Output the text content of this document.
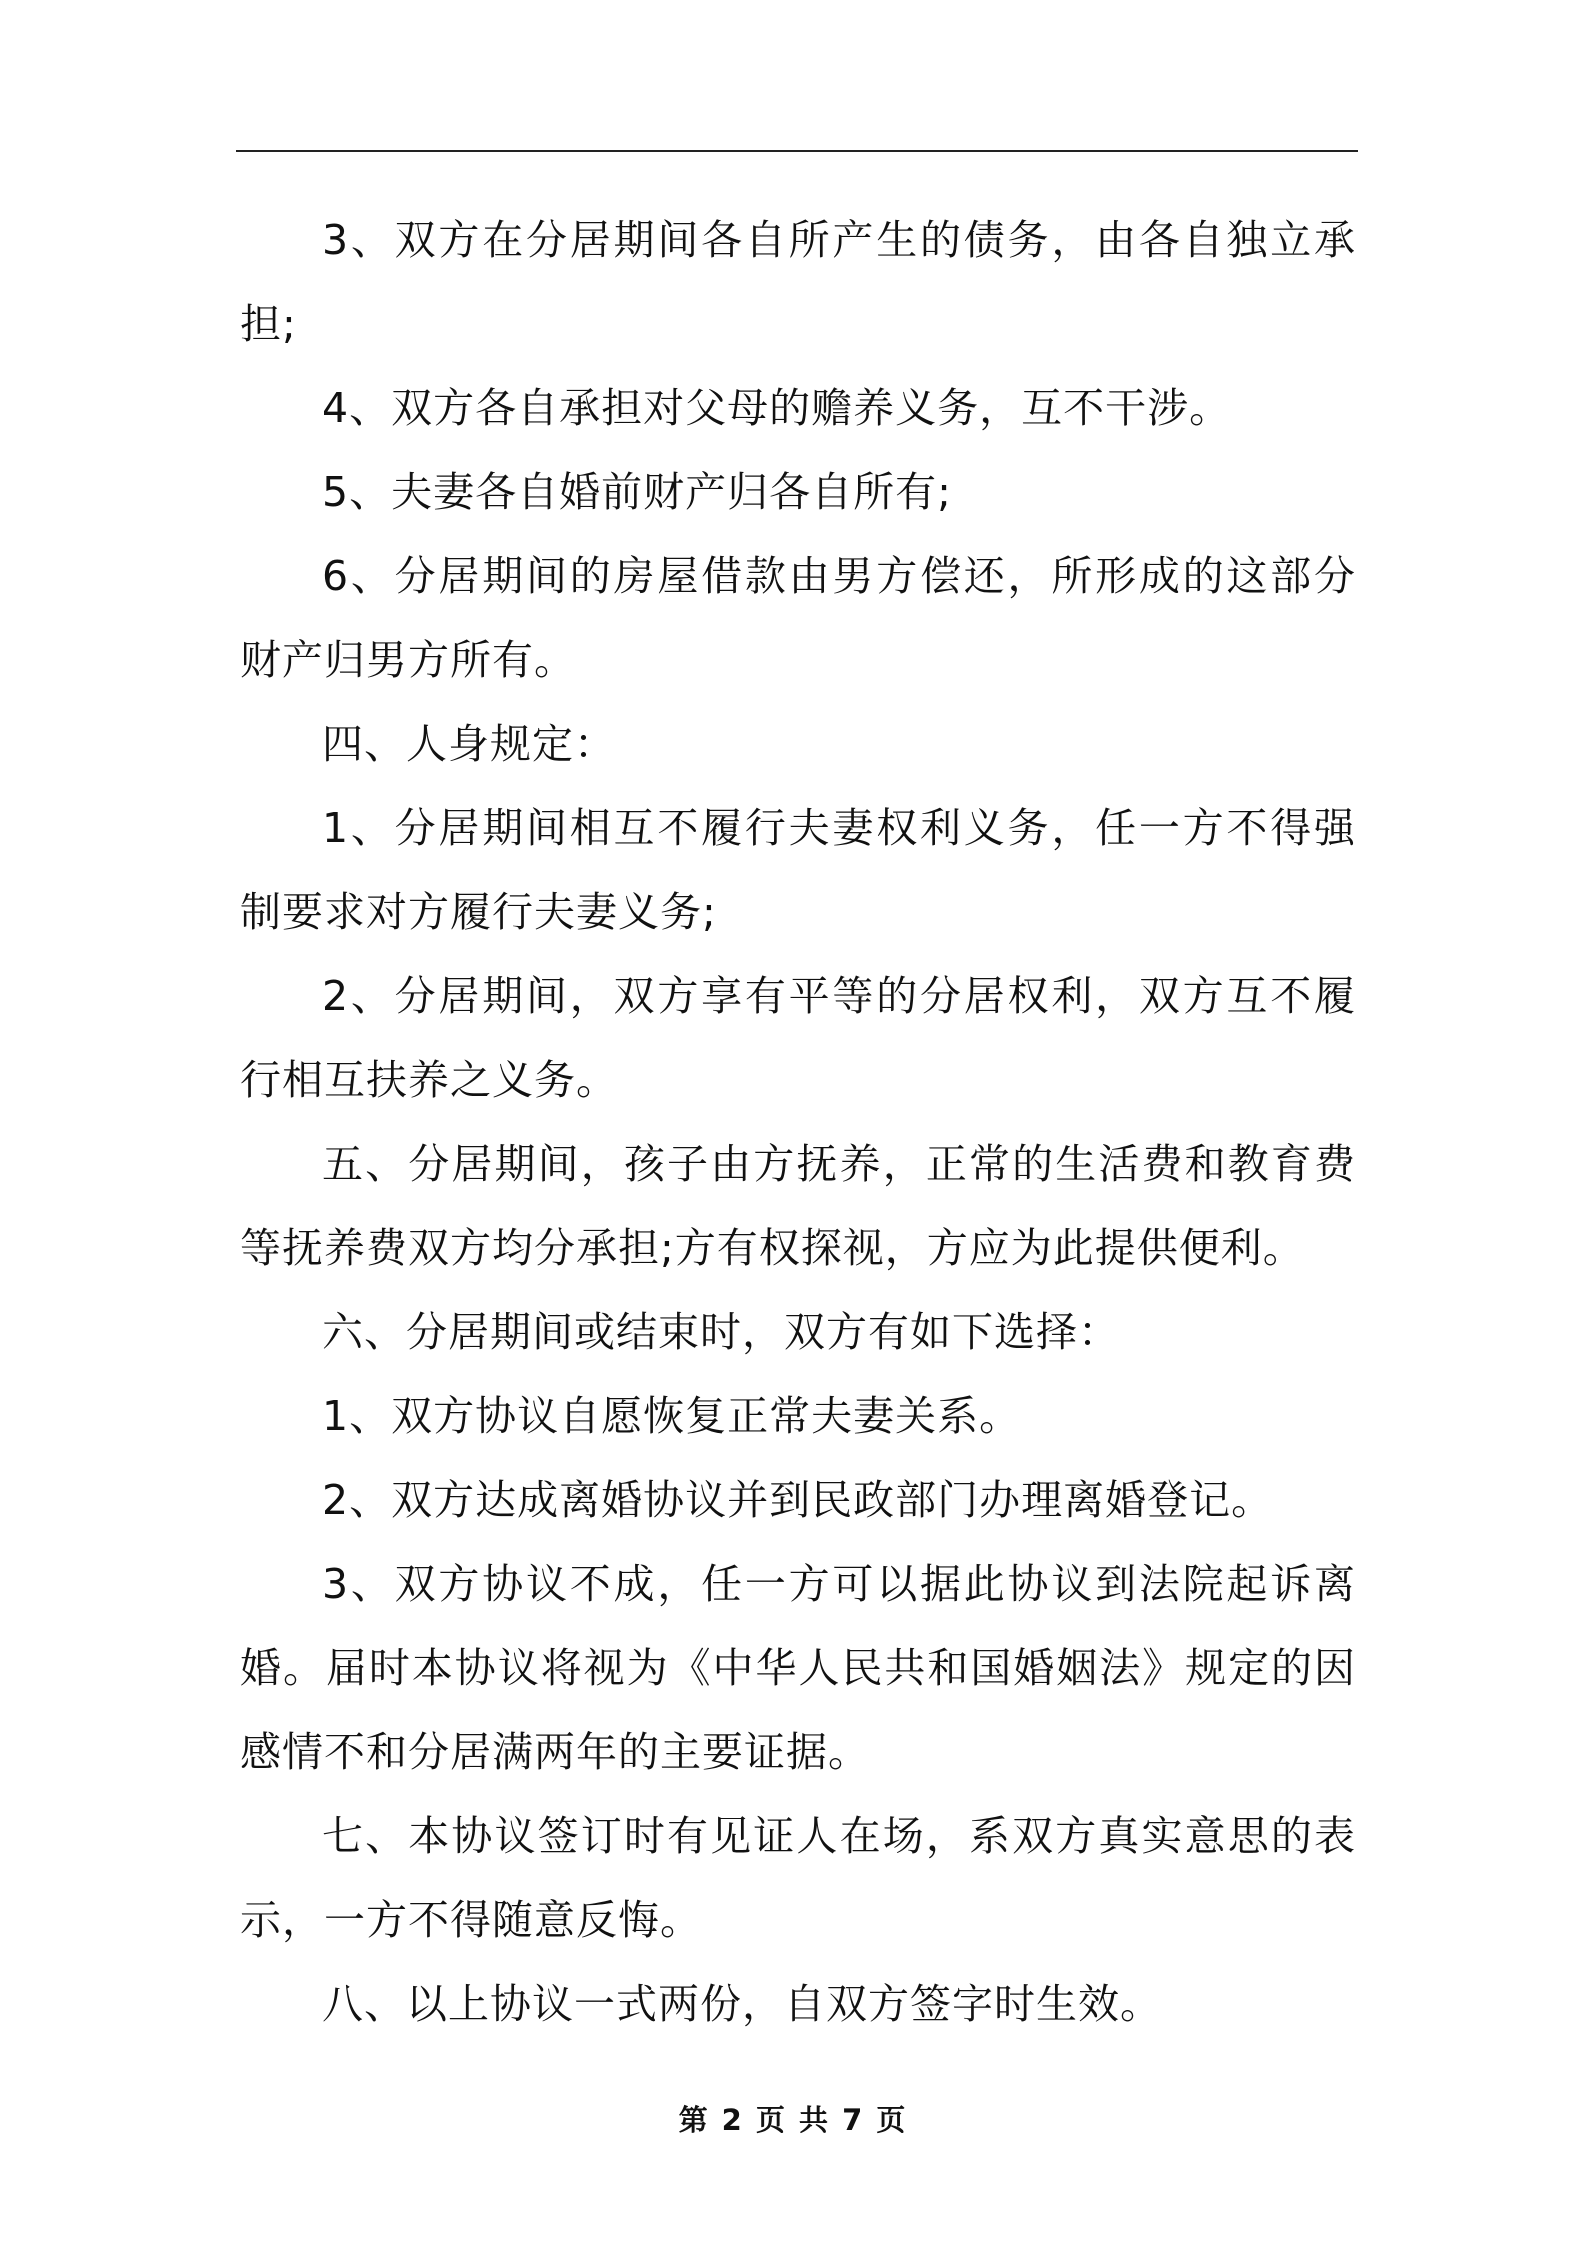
3、双方在分居期间各自所产生的债务，由各自独立承担;

4、双方各自承担对父母的赡养义务，互不干涉。

5、夫妻各自婚前财产归各自所有;

6、分居期间的房屋借款由男方偿还，所形成的这部分财产归男方所有。

四、人身规定：

1、分居期间相互不履行夫妻权利义务，任一方不得强制要求对方履行夫妻义务;

2、分居期间，双方享有平等的分居权利，双方互不履行相互扶养之义务。

五、分居期间，孩子由方抚养，正常的生活费和教育费等抚养费双方均分承担;方有权探视，方应为此提供便利。

六、分居期间或结束时，双方有如下选择：

1、双方协议自愿恢复正常夫妻关系。

2、双方达成离婚协议并到民政部门办理离婚登记。

3、双方协议不成，任一方可以据此协议到法院起诉离婚。届时本协议将视为《中华人民共和国婚姻法》规定的因感情不和分居满两年的主要证据。

七、本协议签订时有见证人在场，系双方真实意思的表示，一方不得随意反悔。

八、以上协议一式两份，自双方签字时生效。

第 2 页 共 7 页
